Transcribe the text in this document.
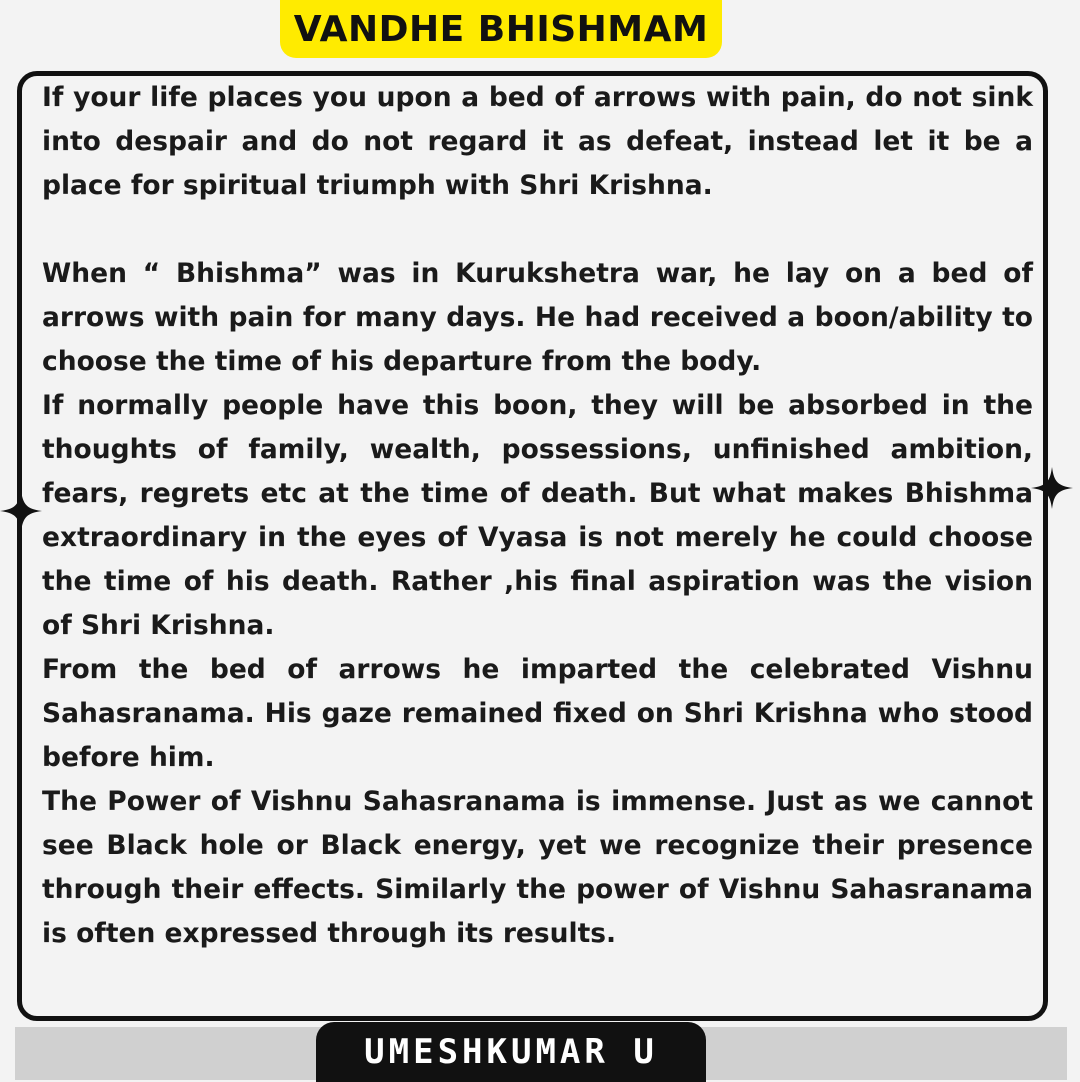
VANDHE BHISHMAM

If your life places you upon a bed of arrows with pain, do not sink into despair and do not regard it as defeat, instead let it be a place for spiritual triumph with Shri Krishna.

When “ Bhishma” was in Kurukshetra war, he lay on a bed of arrows with pain for many days. He had received a boon/ability to choose the time of his departure from the body.

If normally people have this boon, they will be absorbed in the thoughts of family, wealth, possessions, unfinished ambition, fears, regrets etc at the time of death. But what makes Bhishma extraordinary in the eyes of Vyasa is not merely he could choose the time of his death. Rather ,his final aspiration was the vision of Shri Krishna.

From the bed of arrows he imparted the celebrated Vishnu Sahasranama. His gaze remained fixed on Shri Krishna who stood before him.

The Power of Vishnu Sahasranama is immense. Just as we cannot see Black hole or Black energy, yet we recognize their presence through their effects. Similarly the power of Vishnu Sahasranama is often expressed through its results.

UMESHKUMAR U
